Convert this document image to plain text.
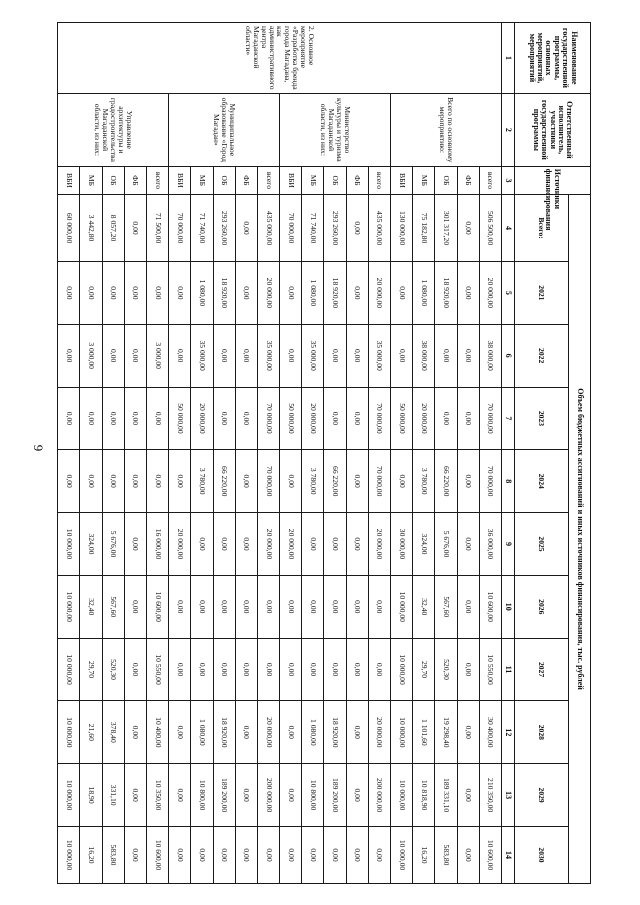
9
Наименование государственной программы, основных мероприятий, мероприятий	Ответственный исполнитель, участники государственной программы	Источники финансирования	Объем бюджетных ассигнований и иных источников финансирования, тыс. рублей										
			Всего:	2021	2022	2023	2024	2025	2026	2027	2028	2029	2030
1	2	3	4	5	6	7	8	9	10	11	12	13	14
2. Основное мероприятие «Разработка бренда города Магадана, как административного центра Магаданской области»	Всего по основному мероприятию:	всего	506 500,00	20 000,00	38 000,00	70 000,00	70 000,00	36 000,00	10 600,00	10 550,00	30 400,00	210 350,00	10 600,00
		ФБ	0,00	0,00	0,00	0,00	0,00	0,00	0,00	0,00	0,00	0,00	0,00
		ОБ	301 317,20	18 920,00	0,00	0,00	66 220,00	5 676,00	567,60	520,30	19 298,40	189 331,10	583,80
		МБ	75 182,80	1 080,00	38 000,00	20 000,00	3 780,00	324,00	32,40	29,70	1 101,60	10 818,90	16,20
		ВБИ	130 000,00	0,00	0,00	50 000,00	0,00	30 000,00	10 000,00	10 000,00	10 000,00	10 000,00	10 000,00
	Министерство культуры и туризма Магаданской области, из них:	всего	435 000,00	20 000,00	35 000,00	70 000,00	70 000,00	20 000,00	0,00	0,00	20 000,00	200 000,00	0,00
		ФБ	0,00	0,00	0,00	0,00	0,00	0,00	0,00	0,00	0,00	0,00	0,00
		ОБ	293 260,00	18 920,00	0,00	0,00	66 220,00	0,00	0,00	0,00	18 920,00	189 200,00	0,00
		МБ	71 740,00	1 080,00	35 000,00	20 000,00	3 780,00	0,00	0,00	0,00	1 080,00	10 800,00	0,00
		ВБИ	70 000,00	0,00	0,00	50 000,00	0,00	20 000,00	0,00	0,00	0,00	0,00	0,00
	Муниципальное образование «Город Магадан»	всего	435 000,00	20 000,00	35 000,00	70 000,00	70 000,00	20 000,00	0,00	0,00	20 000,00	200 000,00	0,00
		ФБ	0,00	0,00	0,00	0,00	0,00	0,00	0,00	0,00	0,00	0,00	0,00
		ОБ	293 260,00	18 920,00	0,00	0,00	66 220,00	0,00	0,00	0,00	18 920,00	189 200,00	0,00
		МБ	71 740,00	1 080,00	35 000,00	20 000,00	3 780,00	0,00	0,00	0,00	1 080,00	10 800,00	0,00
		ВБИ	70 000,00	0,00	0,00	50 000,00	0,00	20 000,00	0,00	0,00	0,00	0,00	0,00
	Управление архитектуры и градостроительства Магаданской области, из них:	всего	71 500,00	0,00	3 000,00	0,00	0,00	16 000,00	10 600,00	10 550,00	10 400,00	10 350,00	10 600,00
		ФБ	0,00	0,00	0,00	0,00	0,00	0,00	0,00	0,00	0,00	0,00	0,00
		ОБ	8 057,20	0,00	0,00	0,00	0,00	5 676,00	567,60	520,30	378,40	331,10	583,80
		МБ	3 442,80	0,00	3 000,00	0,00	0,00	324,00	32,40	29,70	21,60	18,90	16,20
		ВБИ	60 000,00	0,00	0,00	0,00	0,00	10 000,00	10 000,00	10 000,00	10 000,00	10 000,00	10 000,00
